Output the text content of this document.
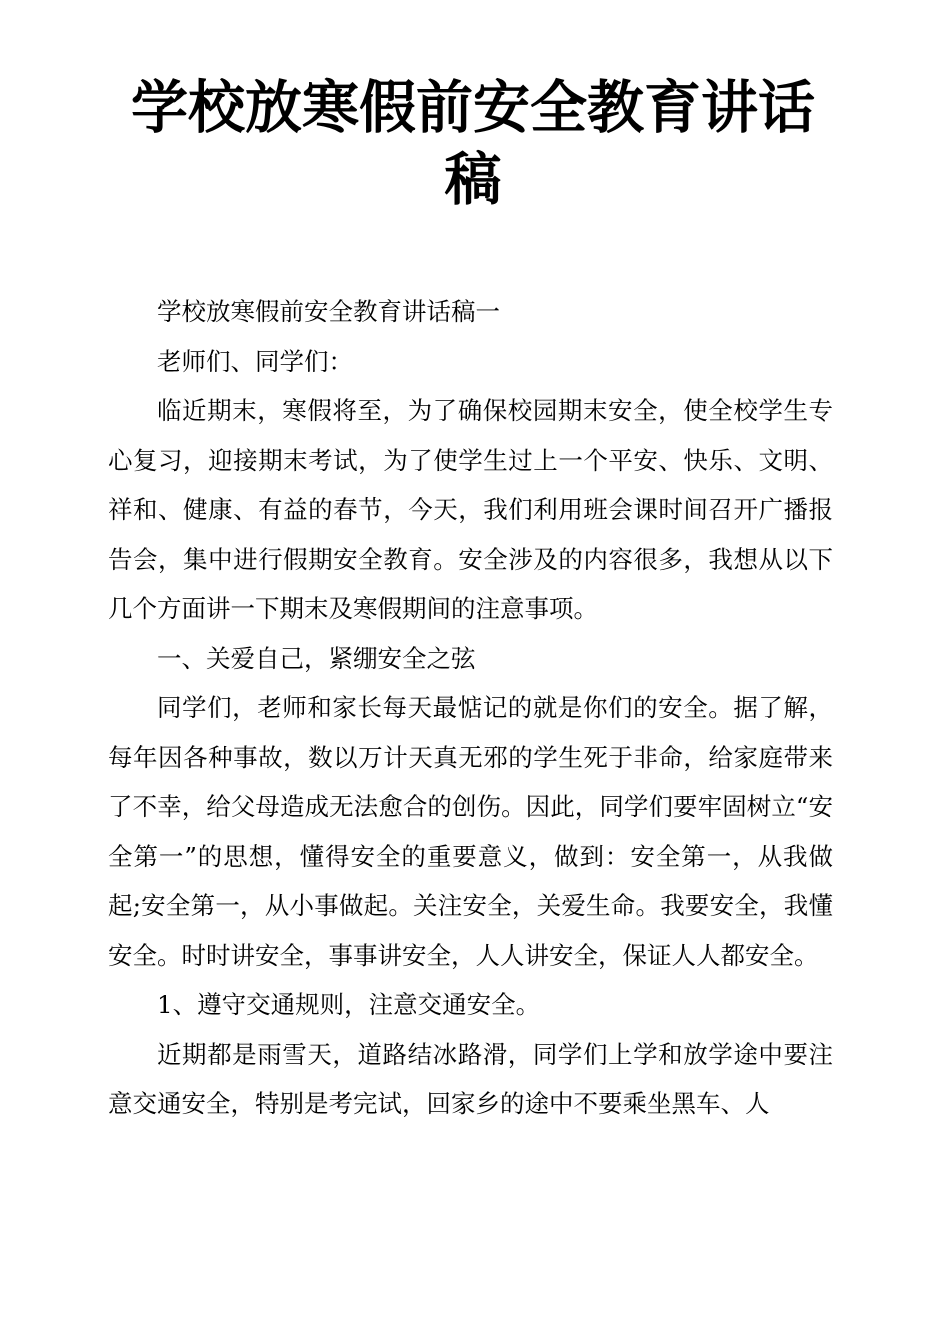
学校放寒假前安全教育讲话稿

学校放寒假前安全教育讲话稿一

老师们、同学们：

临近期末，寒假将至，为了确保校园期末安全，使全校学生专心复习，迎接期末考试，为了使学生过上一个平安、快乐、文明、祥和、健康、有益的春节，今天，我们利用班会课时间召开广播报告会，集中进行假期安全教育。安全涉及的内容很多，我想从以下几个方面讲一下期末及寒假期间的注意事项。

一、关爱自己，紧绷安全之弦

同学们，老师和家长每天最惦记的就是你们的安全。据了解，每年因各种事故，数以万计天真无邪的学生死于非命，给家庭带来了不幸，给父母造成无法愈合的创伤。因此，同学们要牢固树立“安全第一”的思想，懂得安全的重要意义，做到：安全第一，从我做起;安全第一，从小事做起。关注安全，关爱生命。我要安全，我懂安全。时时讲安全，事事讲安全，人人讲安全，保证人人都安全。

1、遵守交通规则，注意交通安全。

近期都是雨雪天，道路结冰路滑，同学们上学和放学途中要注意交通安全，特别是考完试，回家乡的途中不要乘坐黑车、人
